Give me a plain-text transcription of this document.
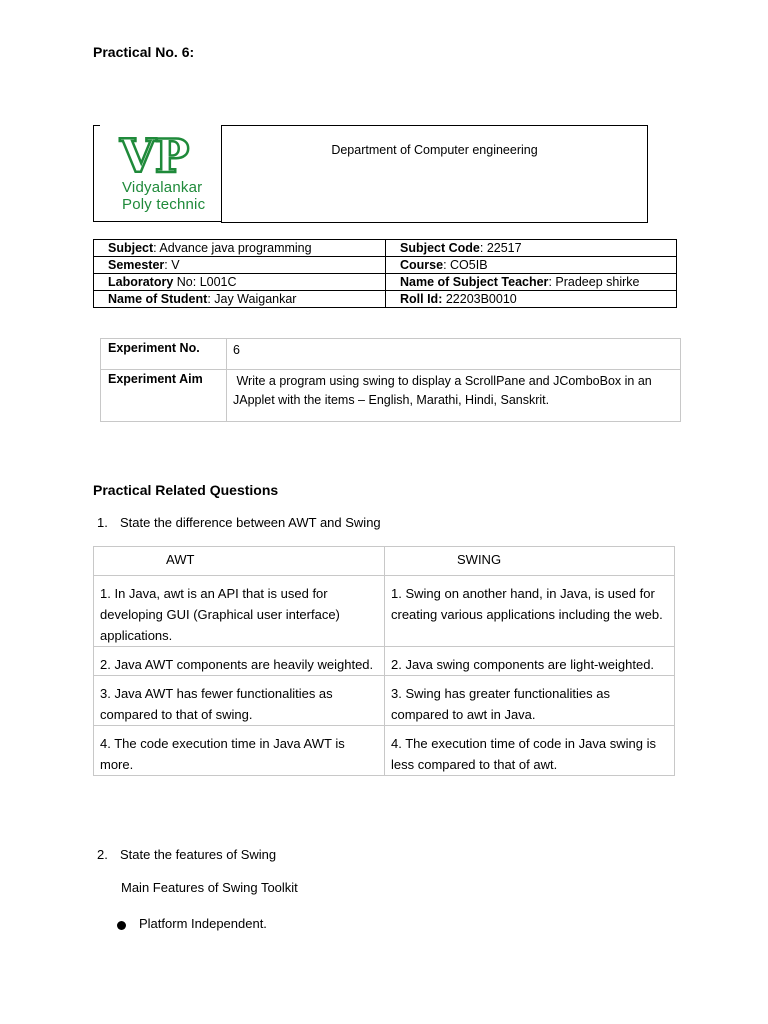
Practical No. 6:
VP
Vidyalankar
Poly technic
Department of Computer engineering
Subject: Advance java programming	Subject Code: 22517
Semester: V	Course: CO5IB
Laboratory No: L001C	Name of Subject Teacher: Pradeep shirke
Name of Student: Jay Waigankar	Roll Id: 22203B0010
Experiment No.	6
Experiment Aim	Write a program using swing to display a ScrollPane and JComboBox in an JApplet with the items – English, Marathi, Hindi, Sanskrit.
Practical Related Questions
1. State the difference between AWT and Swing
AWT	SWING
1. In Java, awt is an API that is used for developing GUI (Graphical user interface) applications.	1. Swing on another hand, in Java, is used for creating various applications including the web.
2. Java AWT components are heavily weighted.	2. Java swing components are light-weighted.
3. Java AWT has fewer functionalities as compared to that of swing.	3. Swing has greater functionalities as compared to awt in Java.
4. The code execution time in Java AWT is more.	4. The execution time of code in Java swing is less compared to that of awt.
2. State the features of Swing
Main Features of Swing Toolkit
Platform Independent.
